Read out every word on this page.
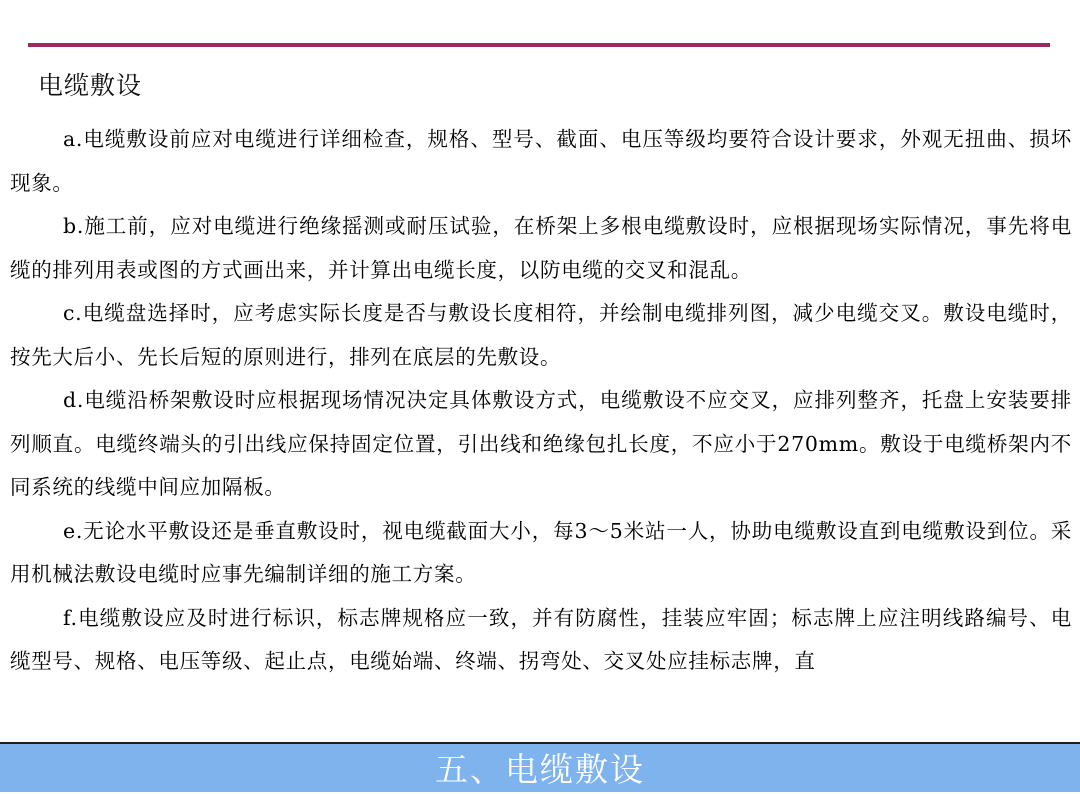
电缆敷设

a.电缆敷设前应对电缆进行详细检查，规格、型号、截面、电压等级均要符合设计要求，外观无扭曲、损坏现象。

b.施工前，应对电缆进行绝缘摇测或耐压试验，在桥架上多根电缆敷设时，应根据现场实际情况，事先将电缆的排列用表或图的方式画出来，并计算出电缆长度，以防电缆的交叉和混乱。

c.电缆盘选择时，应考虑实际长度是否与敷设长度相符，并绘制电缆排列图，减少电缆交叉。敷设电缆时，按先大后小、先长后短的原则进行，排列在底层的先敷设。

d.电缆沿桥架敷设时应根据现场情况决定具体敷设方式，电缆敷设不应交叉，应排列整齐，托盘上安装要排列顺直。电缆终端头的引出线应保持固定位置，引出线和绝缘包扎长度，不应小于270mm。敷设于电缆桥架内不同系统的线缆中间应加隔板。

e.无论水平敷设还是垂直敷设时，视电缆截面大小，每3～5米站一人，协助电缆敷设直到电缆敷设到位。采用机械法敷设电缆时应事先编制详细的施工方案。

f.电缆敷设应及时进行标识，标志牌规格应一致，并有防腐性，挂装应牢固；标志牌上应注明线路编号、电缆型号、规格、电压等级、起止点，电缆始端、终端、拐弯处、交叉处应挂标志牌，直

五、电缆敷设
